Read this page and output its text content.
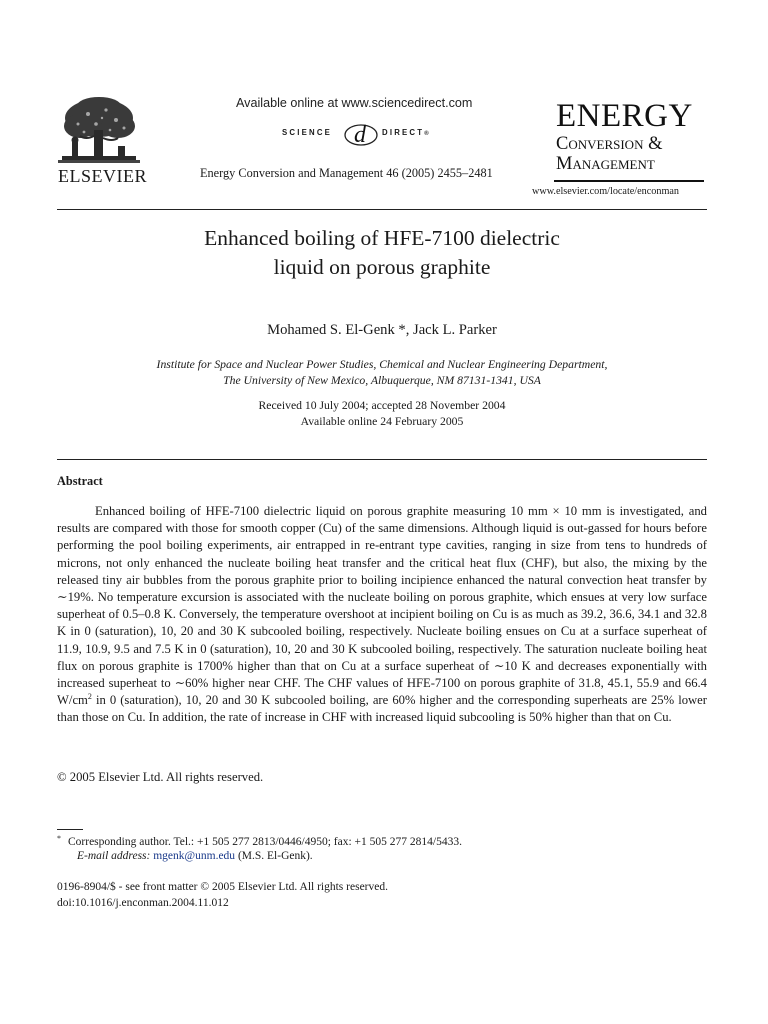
ELSEVIER
Available online at www.sciencedirect.com
SCIENCE d DIRECT®
Energy Conversion and Management 46 (2005) 2455–2481
ENERGY
Conversion &
Management
www.elsevier.com/locate/enconman
Enhanced boiling of HFE-7100 dielectric
liquid on porous graphite
Mohamed S. El-Genk *, Jack L. Parker
Institute for Space and Nuclear Power Studies, Chemical and Nuclear Engineering Department,
The University of New Mexico, Albuquerque, NM 87131-1341, USA
Received 10 July 2004; accepted 28 November 2004
Available online 24 February 2005
Abstract
Enhanced boiling of HFE-7100 dielectric liquid on porous graphite measuring 10 mm × 10 mm is investigated, and results are compared with those for smooth copper (Cu) of the same dimensions. Although liquid is out-gassed for hours before performing the pool boiling experiments, air entrapped in re-entrant type cavities, ranging in size from tens to hundreds of microns, not only enhanced the nucleate boiling heat transfer and the critical heat flux (CHF), but also, the mixing by the released tiny air bubbles from the porous graphite prior to boiling incipience enhanced the natural convection heat transfer by ∼19%. No temperature excursion is associated with the nucleate boiling on porous graphite, which ensues at very low surface superheat of 0.5–0.8 K. Conversely, the temperature overshoot at incipient boiling on Cu is as much as 39.2, 36.6, 34.1 and 32.8 K in 0 (saturation), 10, 20 and 30 K subcooled boiling, respectively. Nucleate boiling ensues on Cu at a surface superheat of 11.9, 10.9, 9.5 and 7.5 K in 0 (saturation), 10, 20 and 30 K subcooled boiling, respectively. The saturation nucleate boiling heat flux on porous graphite is 1700% higher than that on Cu at a surface superheat of ∼10 K and decreases exponentially with increased superheat to ∼60% higher near CHF. The CHF values of HFE-7100 on porous graphite of 31.8, 45.1, 55.9 and 66.4 $W/cm^2$ in 0 (saturation), 10, 20 and 30 K subcooled boiling, are 60% higher and the corresponding superheats are 25% lower than those on Cu. In addition, the rate of increase in CHF with increased liquid subcooling is 50% higher than that on Cu.
© 2005 Elsevier Ltd. All rights reserved.
* Corresponding author. Tel.: +1 505 277 2813/0446/4950; fax: +1 505 277 2814/5433.
E-mail address: mgenk@unm.edu (M.S. El-Genk).
0196-8904/$ - see front matter © 2005 Elsevier Ltd. All rights reserved.
doi:10.1016/j.enconman.2004.11.012
